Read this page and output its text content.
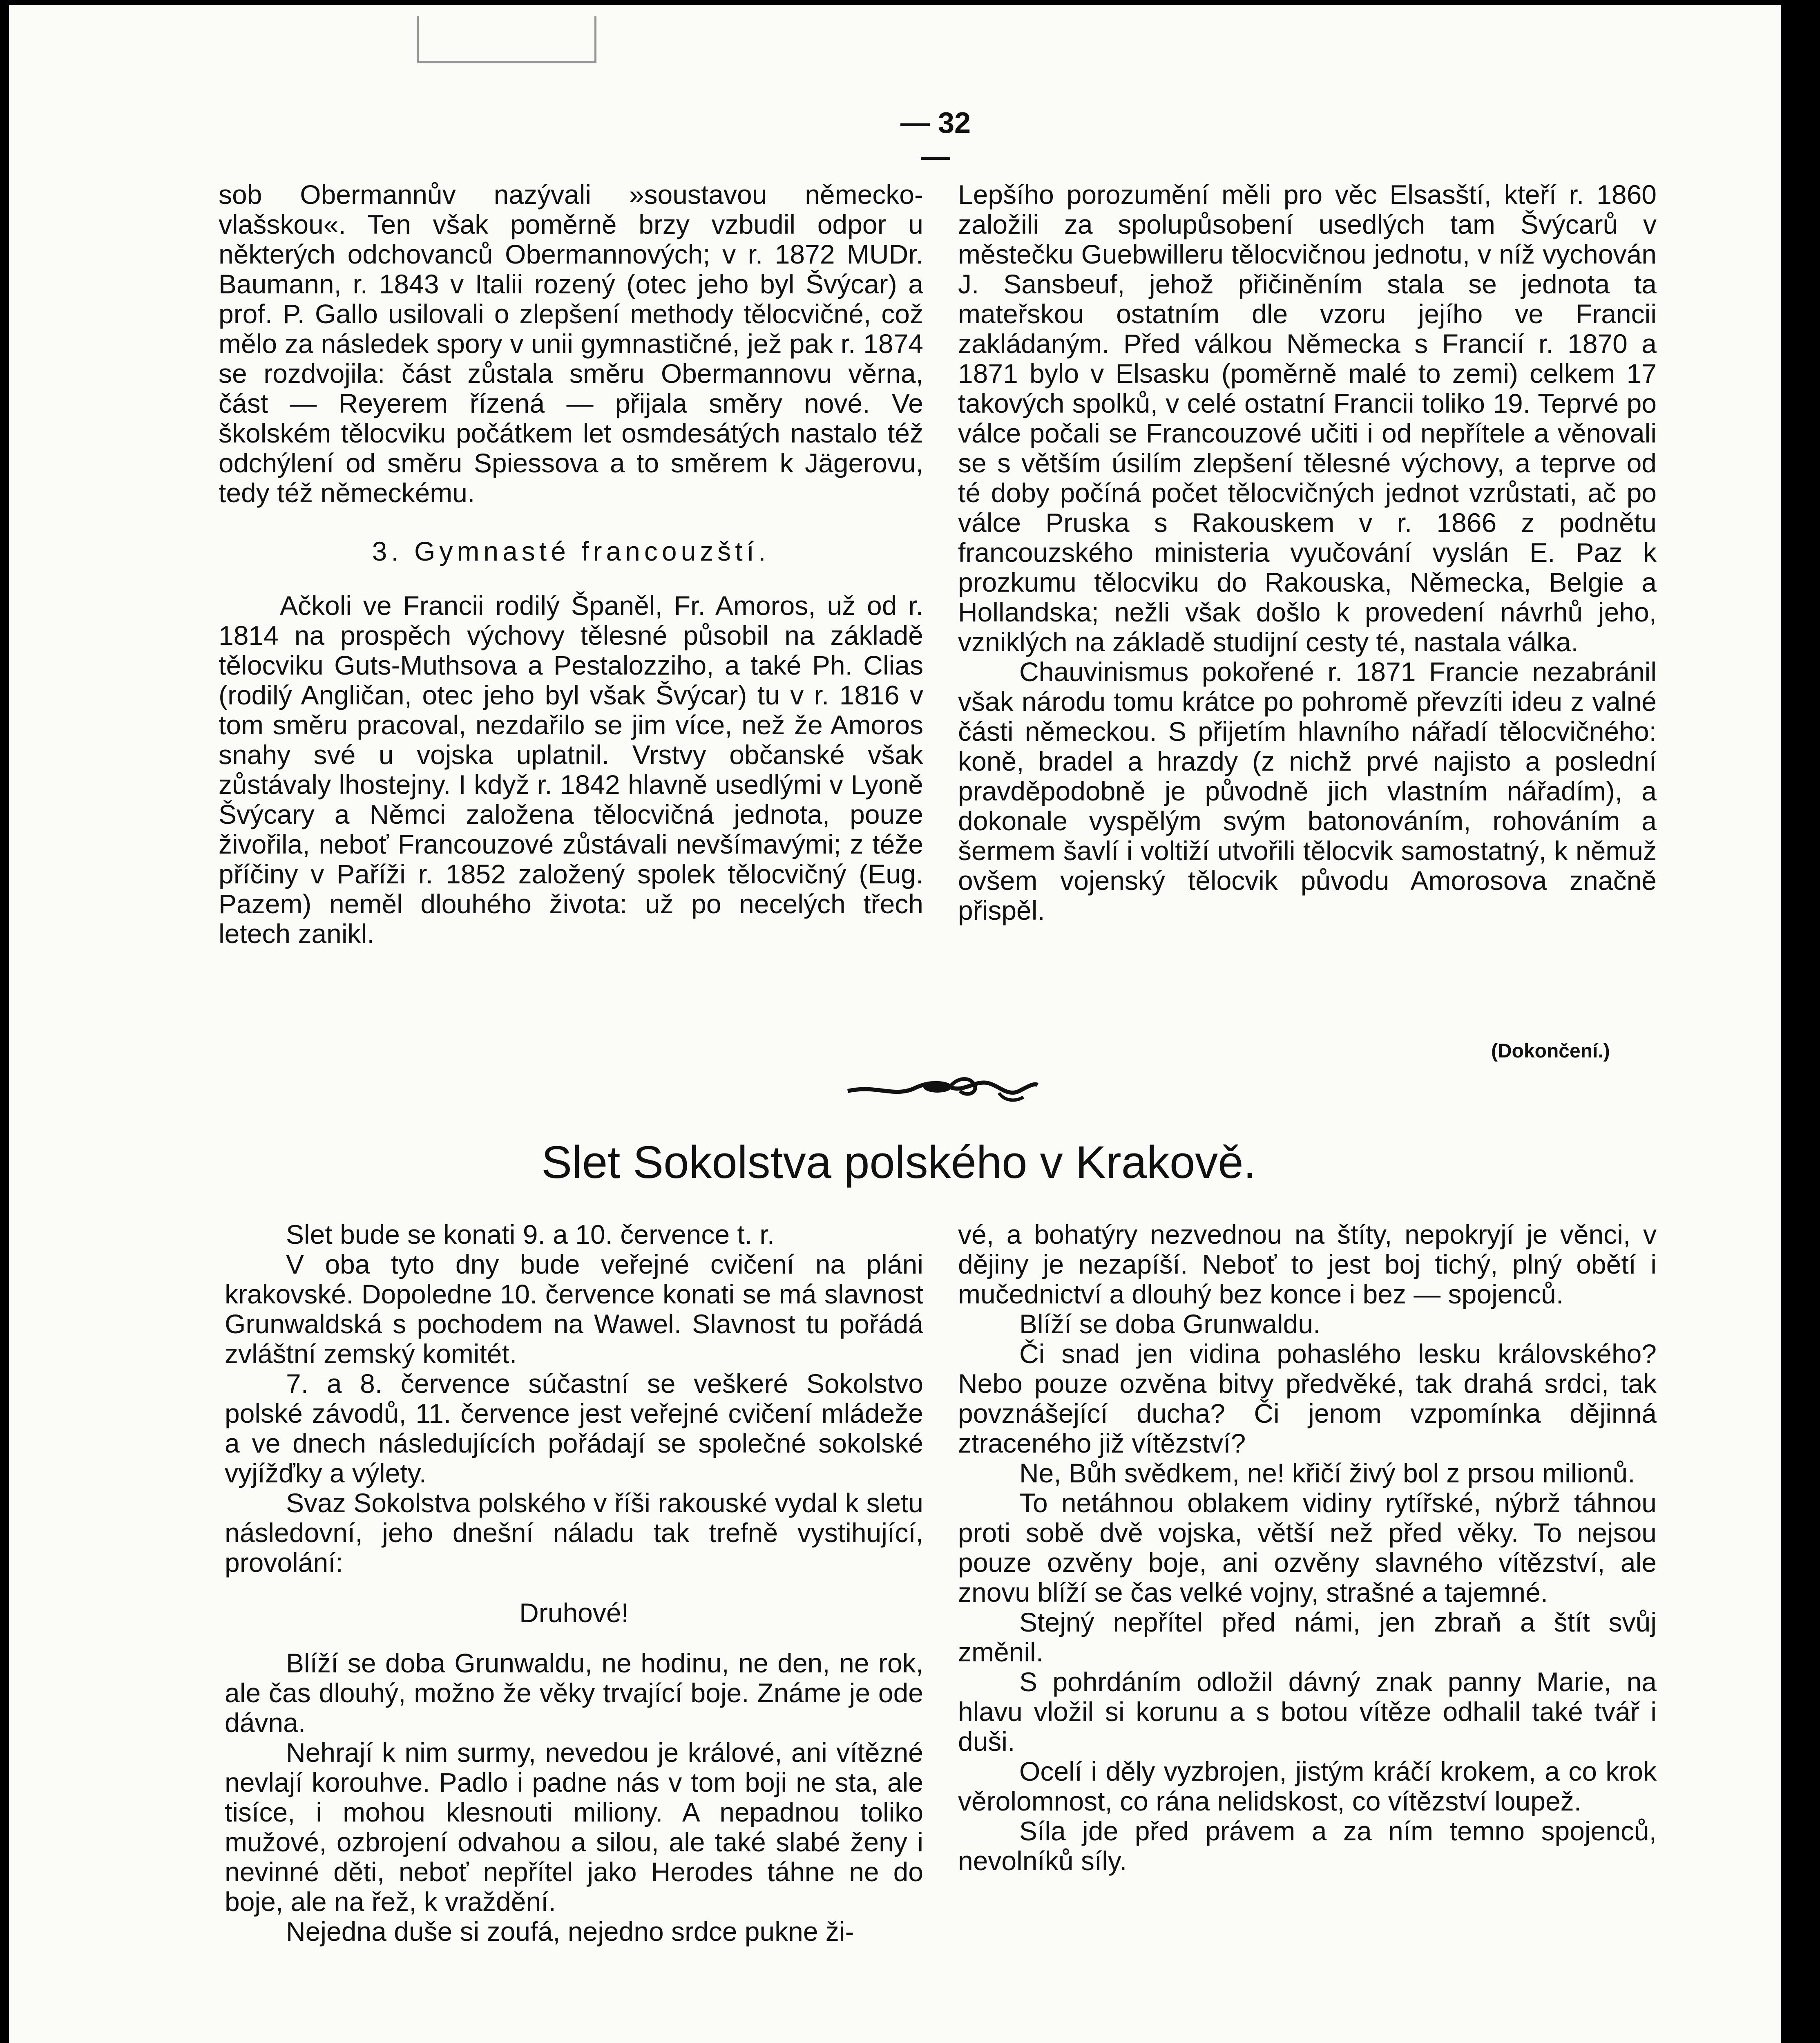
— 32 —

sob Obermannův nazývali »soustavou německo-vlašskou«. Ten však poměrně brzy vzbudil odpor u některých odchovanců Obermannových; v r. 1872 MUDr. Baumann, r. 1843 v Italii rozený (otec jeho byl Švýcar) a prof. P. Gallo usilovali o zlepšení methody tělocvičné, což mělo za následek spory v unii gymnastičné, jež pak r. 1874 se rozdvojila: část zůstala směru Obermannovu věrna, část — Reyerem řízená — přijala směry nové. Ve školském tělocviku počátkem let osmdesátých nastalo též odchýlení od směru Spiessova a to směrem k Jägerovu, tedy též německému.

3. Gymnasté francouzští.

Ačkoli ve Francii rodilý Španěl, Fr. Amoros, už od r. 1814 na prospěch výchovy tělesné působil na základě tělocviku Guts-Muthsova a Pestalozziho, a také Ph. Clias (rodilý Angličan, otec jeho byl však Švýcar) tu v r. 1816 v tom směru pracoval, nezdařilo se jim více, než že Amoros snahy své u vojska uplatnil. Vrstvy občanské však zůstávaly lhostejny. I když r. 1842 hlavně usedlými v Lyoně Švýcary a Němci založena tělocvičná jednota, pouze živořila, neboť Francouzové zůstávali nevšímavými; z téže příčiny v Paříži r. 1852 založený spolek tělocvičný (Eug. Pazem) neměl dlouhého života: už po necelých třech letech zanikl.

Lepšího porozumění měli pro věc Elsasští, kteří r. 1860 založili za spolupůsobení usedlých tam Švýcarů v městečku Guebwilleru tělocvičnou jednotu, v níž vychován J. Sansbeuf, jehož přičiněním stala se jednota ta mateřskou ostatním dle vzoru jejího ve Francii zakládaným. Před válkou Německa s Francií r. 1870 a 1871 bylo v Elsasku (poměrně malé to zemi) celkem 17 takových spolků, v celé ostatní Francii toliko 19. Teprvé po válce počali se Francouzové učiti i od nepřítele a věnovali se s větším úsilím zlepšení tělesné výchovy, a teprve od té doby počíná počet tělocvičných jednot vzrůstati, ač po válce Pruska s Rakouskem v r. 1866 z podnětu francouzského ministeria vyučování vyslán E. Paz k prozkumu tělocviku do Rakouska, Německa, Belgie a Hollandska; nežli však došlo k provedení návrhů jeho, vzniklých na základě studijní cesty té, nastala válka.

Chauvinismus pokořené r. 1871 Francie nezabránil však národu tomu krátce po pohromě převzíti ideu z valné části německou. S přijetím hlavního nářadí tělocvičného: koně, bradel a hrazdy (z nichž prvé najisto a poslední pravděpodobně je původně jich vlastním nářadím), a dokonale vyspělým svým batonováním, rohováním a šermem šavlí i voltiží utvořili tělocvik samostatný, k němuž ovšem vojenský tělocvik původu Amorosova značně přispěl.

(Dokončení.)
Slet Sokolstva polského v Krakově.

Slet bude se konati 9. a 10. července t. r.

V oba tyto dny bude veřejné cvičení na pláni krakovské. Dopoledne 10. července konati se má slavnost Grunwaldská s pochodem na Wawel. Slavnost tu pořádá zvláštní zemský komitét.

7. a 8. července súčastní se veškeré Sokolstvo polské závodů, 11. července jest veřejné cvičení mládeže a ve dnech následujících pořádají se společné sokolské vyjížďky a výlety.

Svaz Sokolstva polského v říši rakouské vydal k sletu následovní, jeho dnešní náladu tak trefně vystihující, provolání:

Druhové!

Blíží se doba Grunwaldu, ne hodinu, ne den, ne rok, ale čas dlouhý, možno že věky trvající boje. Známe je ode dávna.

Nehrají k nim surmy, nevedou je králové, ani vítězné nevlají korouhve. Padlo i padne nás v tom boji ne sta, ale tisíce, i mohou klesnouti miliony. A nepadnou toliko mužové, ozbrojení odvahou a silou, ale také slabé ženy i nevinné děti, neboť nepřítel jako Herodes táhne ne do boje, ale na řež, k vraždění.

Nejedna duše si zoufá, nejedno srdce pukne ži-

vé, a bohatýry nezvednou na štíty, nepokryjí je věnci, v dějiny je nezapíší. Neboť to jest boj tichý, plný obětí i mučednictví a dlouhý bez konce i bez — spojenců.

Blíží se doba Grunwaldu.

Či snad jen vidina pohaslého lesku královského? Nebo pouze ozvěna bitvy předvěké, tak drahá srdci, tak povznášející ducha? Či jenom vzpomínka dějinná ztraceného již vítězství?

Ne, Bůh svědkem, ne! křičí živý bol z prsou milionů.

To netáhnou oblakem vidiny rytířské, nýbrž táhnou proti sobě dvě vojska, větší než před věky. To nejsou pouze ozvěny boje, ani ozvěny slavného vítězství, ale znovu blíží se čas velké vojny, strašné a tajemné.

Stejný nepřítel před námi, jen zbraň a štít svůj změnil.

S pohrdáním odložil dávný znak panny Marie, na hlavu vložil si korunu a s botou vítěze odhalil také tvář i duši.

Ocelí i děly vyzbrojen, jistým kráčí krokem, a co krok věrolomnost, co rána nelidskost, co vítězství loupež.

Síla jde před právem a za ním temno spojenců, nevolníků síly.
